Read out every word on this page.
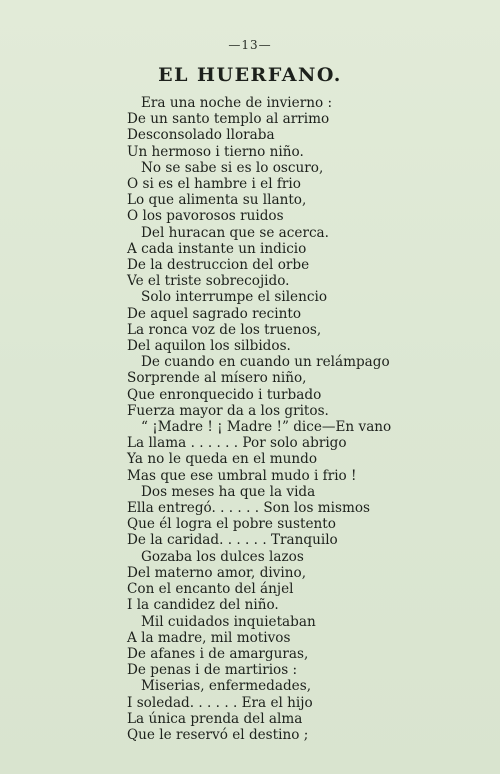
—13—
EL HUERFANO.
Era una noche de invierno :
De un santo templo al arrimo
Desconsolado lloraba
Un hermoso i tierno niño.
No se sabe si es lo oscuro,
O si es el hambre i el frio
Lo que alimenta su llanto,
O los pavorosos ruidos
Del huracan que se acerca.
A cada instante un indicio
De la destruccion del orbe
Ve el triste sobrecojido.
Solo interrumpe el silencio
De aquel sagrado recinto
La ronca voz de los truenos,
Del aquilon los silbidos.
De cuando en cuando un relámpago
Sorprende al mísero niño,
Que enronquecido i turbado
Fuerza mayor da a los gritos.
“ ¡Madre ! ¡ Madre !” dice—En vano
La llama . . . . . . Por solo abrigo
Ya no le queda en el mundo
Mas que ese umbral mudo i frio !
Dos meses ha que la vida
Ella entregó. . . . . . Son los mismos
Que él logra el pobre sustento
De la caridad. . . . . . Tranquilo
Gozaba los dulces lazos
Del materno amor, divino,
Con el encanto del ánjel
I la candidez del niño.
Mil cuidados inquietaban
A la madre, mil motivos
De afanes i de amarguras,
De penas i de martirios :
Miserias, enfermedades,
I soledad. . . . . . Era el hijo
La única prenda del alma
Que le reservó el destino ;
